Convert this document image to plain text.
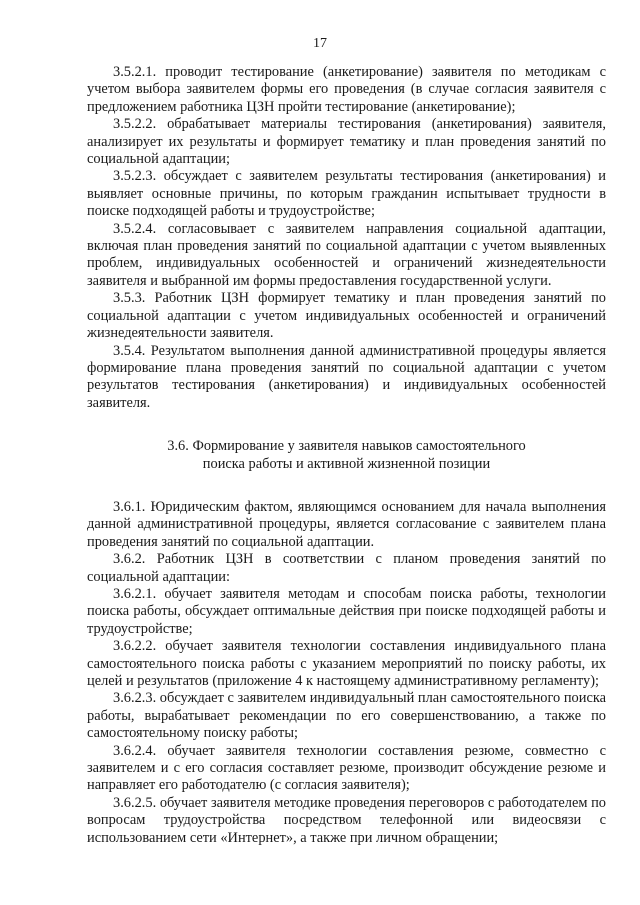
17

3.5.2.1. проводит тестирование (анкетирование) заявителя по методикам с учетом выбора заявителем формы его проведения (в случае согласия заявителя с предложением работника ЦЗН пройти тестирование (анкетирование);

3.5.2.2. обрабатывает материалы тестирования (анкетирования) заявителя, анализирует их результаты и формирует тематику и план проведения занятий по социальной адаптации;

3.5.2.3. обсуждает с заявителем результаты тестирования (анкетирования) и выявляет основные причины, по которым гражданин испытывает трудности в поиске подходящей работы и трудоустройстве;

3.5.2.4. согласовывает с заявителем направления социальной адаптации, включая план проведения занятий по социальной адаптации с учетом выявленных проблем, индивидуальных особенностей и ограничений жизнедеятельности заявителя и выбранной им формы предоставления государственной услуги.

3.5.3. Работник ЦЗН формирует тематику и план проведения занятий по социальной адаптации с учетом индивидуальных особенностей и ограничений жизнедеятельности заявителя.

3.5.4. Результатом выполнения данной административной процедуры является формирование плана проведения занятий по социальной адаптации с учетом результатов тестирования (анкетирования) и индивидуальных особенностей заявителя.

3.6. Формирование у заявителя навыков самостоятельного
поиска работы и активной жизненной позиции

3.6.1. Юридическим фактом, являющимся основанием для начала выполнения данной административной процедуры, является согласование с заявителем плана проведения занятий по социальной адаптации.

3.6.2. Работник ЦЗН в соответствии с планом проведения занятий по социальной адаптации:

3.6.2.1. обучает заявителя методам и способам поиска работы, технологии поиска работы, обсуждает оптимальные действия при поиске подходящей работы и трудоустройстве;

3.6.2.2. обучает заявителя технологии составления индивидуального плана самостоятельного поиска работы с указанием мероприятий по поиску работы, их целей и результатов (приложение 4 к настоящему административному регламенту);

3.6.2.3. обсуждает с заявителем индивидуальный план самостоятельного поиска работы, вырабатывает рекомендации по его совершенствованию, а также по самостоятельному поиску работы;

3.6.2.4. обучает заявителя технологии составления резюме, совместно с заявителем и с его согласия составляет резюме, производит обсуждение резюме и направляет его работодателю (с согласия заявителя);

3.6.2.5. обучает заявителя методике проведения переговоров с работодателем по вопросам трудоустройства посредством телефонной или видеосвязи с использованием сети «Интернет», а также при личном обращении;
